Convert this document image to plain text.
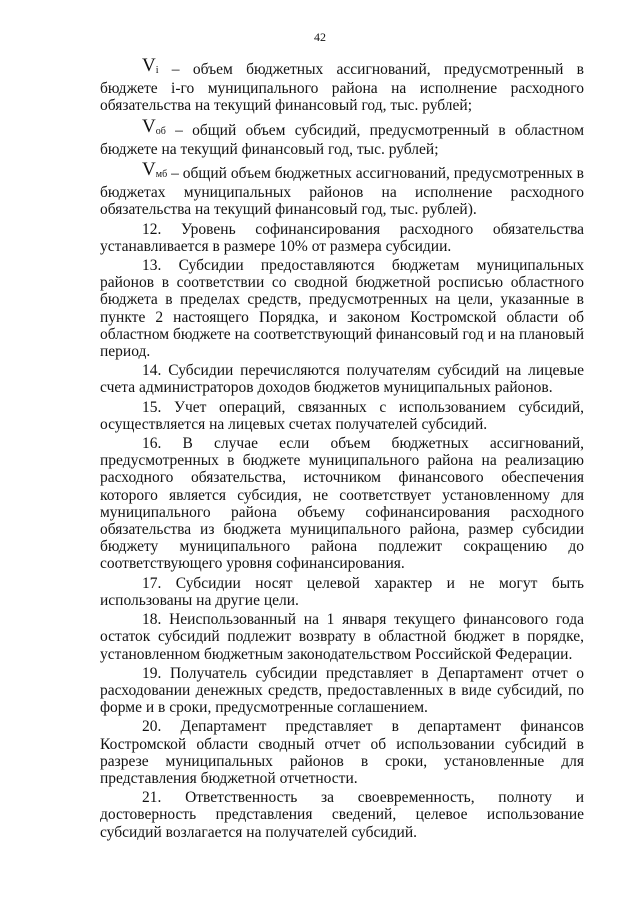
42

$V_i$ – объем бюджетных ассигнований, предусмотренный в бюджете i-го муниципального района на исполнение расходного обязательства на текущий финансовый год, тыс. рублей;

$V_{об}$ – общий объем субсидий, предусмотренный в областном бюджете на текущий финансовый год, тыс. рублей;

$V_{мб}$ – общий объем бюджетных ассигнований, предусмотренных в бюджетах муниципальных районов на исполнение расходного обязательства на текущий финансовый год, тыс. рублей).

12. Уровень софинансирования расходного обязательства устанавливается в размере 10% от размера субсидии.

13. Субсидии предоставляются бюджетам муниципальных районов в соответствии со сводной бюджетной росписью областного бюджета в пределах средств, предусмотренных на цели, указанные в пункте 2 настоящего Порядка, и законом Костромской области об областном бюджете на соответствующий финансовый год и на плановый период.

14. Субсидии перечисляются получателям субсидий на лицевые счета администраторов доходов бюджетов муниципальных районов.

15. Учет операций, связанных с использованием субсидий, осуществляется на лицевых счетах получателей субсидий.

16. В случае если объем бюджетных ассигнований, предусмотренных в бюджете муниципального района на реализацию расходного обязательства, источником финансового обеспечения которого является субсидия, не соответствует установленному для муниципального района объему софинансирования расходного обязательства из бюджета муниципального района, размер субсидии бюджету муниципального района подлежит сокращению до соответствующего уровня софинансирования.

17. Субсидии носят целевой характер и не могут быть использованы на другие цели.

18. Неиспользованный на 1 января текущего финансового года остаток субсидий подлежит возврату в областной бюджет в порядке, установленном бюджетным законодательством Российской Федерации.

19. Получатель субсидии представляет в Департамент отчет о расходовании денежных средств, предоставленных в виде субсидий, по форме и в сроки, предусмотренные соглашением.

20. Департамент представляет в департамент финансов Костромской области сводный отчет об использовании субсидий в разрезе муниципальных районов в сроки, установленные для представления бюджетной отчетности.

21. Ответственность за своевременность, полноту и достоверность представления сведений, целевое использование субсидий возлагается на получателей субсидий.
